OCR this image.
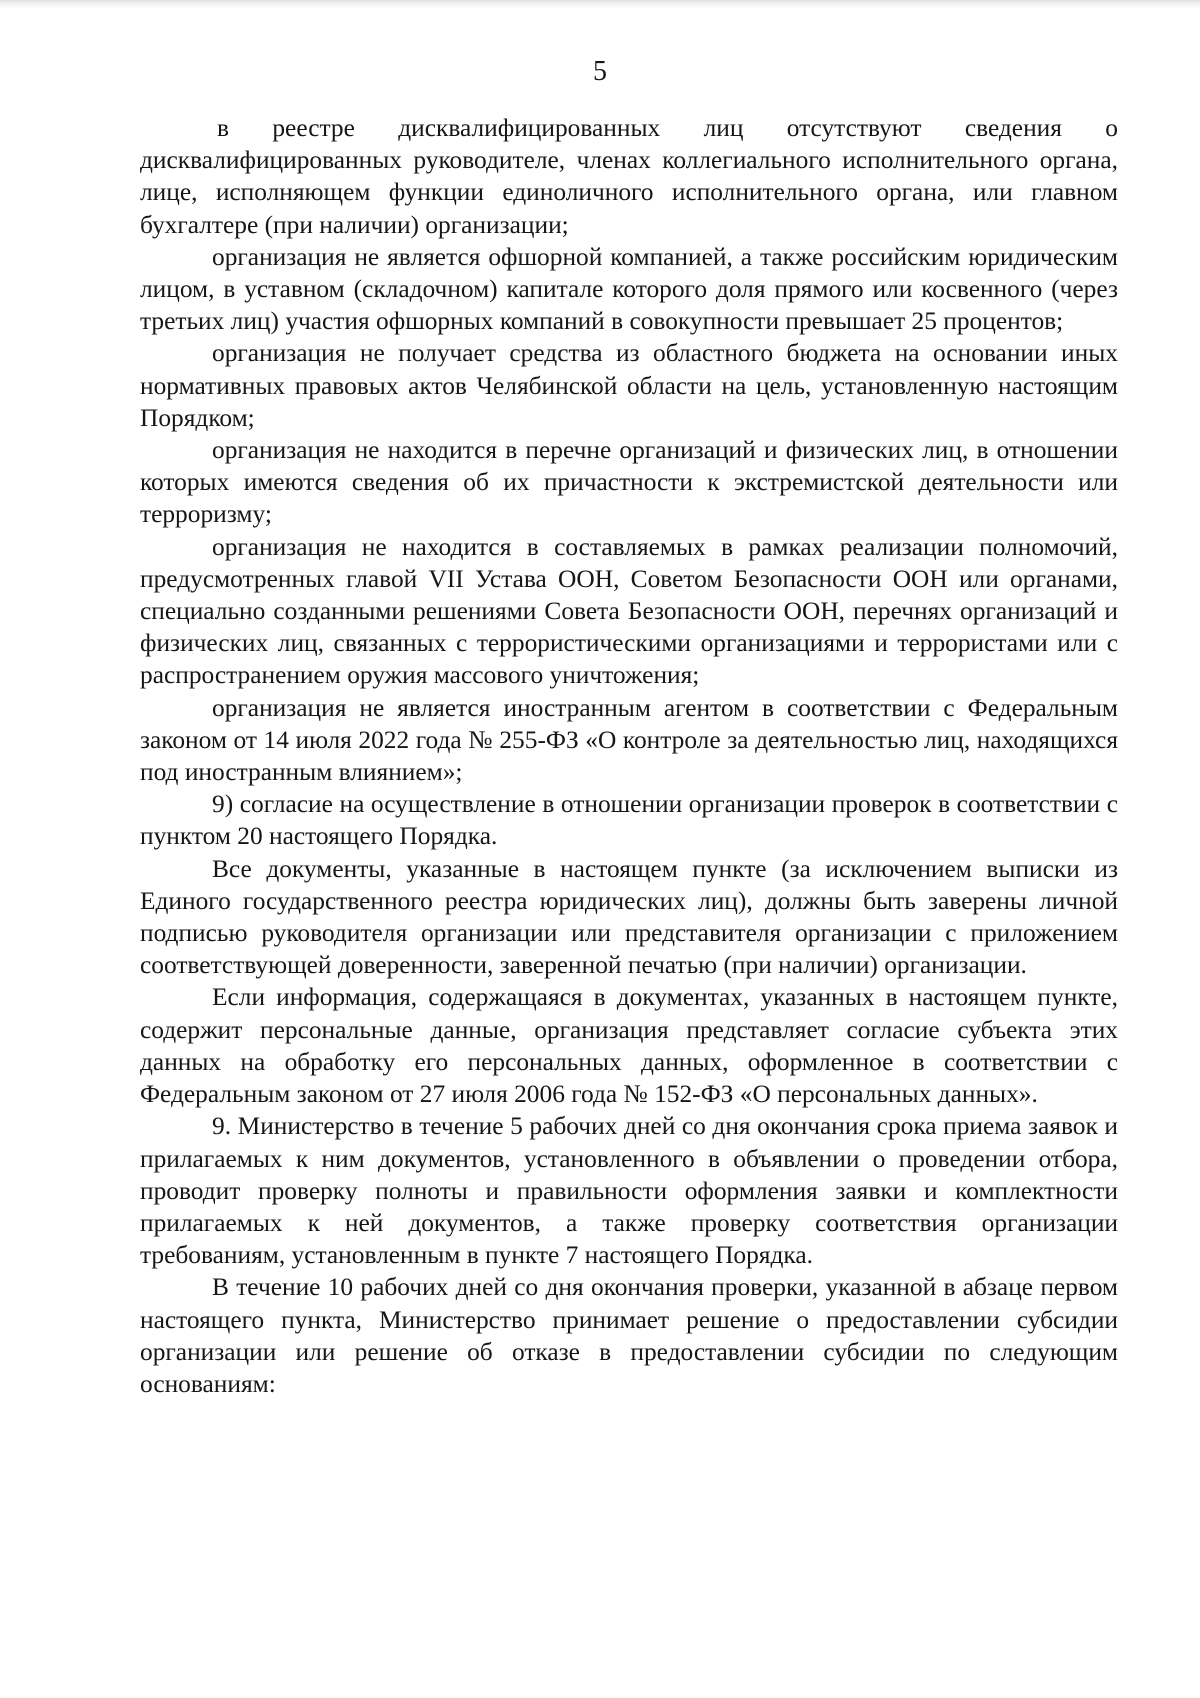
5

в реестре дисквалифицированных лиц отсутствуют сведения о дисквалифицированных руководителе, членах коллегиального исполнительного органа, лице, исполняющем функции единоличного исполнительного органа, или главном бухгалтере (при наличии) организации;

организация не является офшорной компанией, а также российским юридическим лицом, в уставном (складочном) капитале которого доля прямого или косвенного (через третьих лиц) участия офшорных компаний в совокупности превышает 25 процентов;

организация не получает средства из областного бюджета на основании иных нормативных правовых актов Челябинской области на цель, установленную настоящим Порядком;

организация не находится в перечне организаций и физических лиц, в отношении которых имеются сведения об их причастности к экстремистской деятельности или терроризму;

организация не находится в составляемых в рамках реализации полномочий, предусмотренных главой VII Устава ООН, Советом Безопасности ООН или органами, специально созданными решениями Совета Безопасности ООН, перечнях организаций и физических лиц, связанных с террористическими организациями и террористами или с распространением оружия массового уничтожения;

организация не является иностранным агентом в соответствии с Федеральным законом от 14 июля 2022 года № 255-ФЗ «О контроле за деятельностью лиц, находящихся под иностранным влиянием»;

9) согласие на осуществление в отношении организации проверок в соответствии с пунктом 20 настоящего Порядка.

Все документы, указанные в настоящем пункте (за исключением выписки из Единого государственного реестра юридических лиц), должны быть заверены личной подписью руководителя организации или представителя организации с приложением соответствующей доверенности, заверенной печатью (при наличии) организации.

Если информация, содержащаяся в документах, указанных в настоящем пункте, содержит персональные данные, организация представляет согласие субъекта этих данных на обработку его персональных данных, оформленное в соответствии с Федеральным законом от 27 июля 2006 года № 152-ФЗ «О персональных данных».

9. Министерство в течение 5 рабочих дней со дня окончания срока приема заявок и прилагаемых к ним документов, установленного в объявлении о проведении отбора, проводит проверку полноты и правильности оформления заявки и комплектности прилагаемых к ней документов, а также проверку соответствия организации требованиям, установленным в пункте 7 настоящего Порядка.

В течение 10 рабочих дней со дня окончания проверки, указанной в абзаце первом настоящего пункта, Министерство принимает решение о предоставлении субсидии организации или решение об отказе в предоставлении субсидии по следующим основаниям:
